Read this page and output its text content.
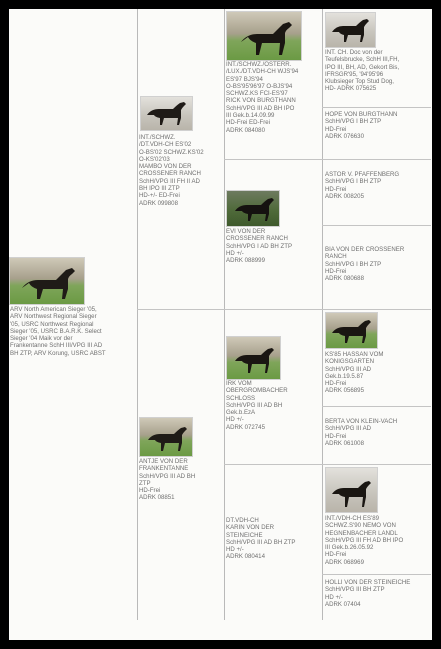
ARV North American Sieger '05,
ARV Northwest Regional Sieger
'05, USRC Northwest Regional
Sieger '05, USRC B.A.R.K. Select
Sieger '04 Maik vor der
Frankentanne SchH III/VPG III AD
BH ZTP, ARV Korung, USRC ABST
INT./SCHWZ.
/DT.VDH-CH ES'02
O-BS'02 SCHWZ.KS'02
O-KS'02'03
MAMBO VON DER
CROSSENER RANCH
SchH/VPG III FH II AD
BH IPO III ZTP
HD-+/- ED-Frei
ADRK 099808
ANTJE VON DER
FRANKENTANNE
SchH/VPG III AD BH
ZTP
HD-Frei
ADRK 08851
INT./SCHWZ./OSTERR.
/LUX./DT.VDH-CH WJS'94
ES'97 BJS'94
O-BS'95'96'97 O-BJS'94
SCHWZ.KS FCI-ES'97
RICK VON BURGTHANN
SchH/VPG III AD BH IPO
III Gek.b.14.09.99
HD-Frei ED-Frei
ADRK 084080
EVI VON DER
CROSSENER RANCH
SchH/VPG I AD BH ZTP
HD +/-
ADRK 088999
IRK VOM
OBERGROMBACHER
SCHLOSS
SchH/VPG III AD BH
Gek.b.EzA
HD +/-
ADRK 072745
DT.VDH-CH
KARIN VON DER
STEINEICHE
SchH/VPG III AD BH ZTP
HD +/-
ADRK 080414
INT. CH. Doc von der
Teufelsbrucke, SchH III,FH,
IPO III, BH, AD, Gekort Bis,
IFRSGR'95, '94'95'96
Klubsieger Top Stud Dog,
HD- ADRK 075625
HOPE VON BURGTHANN
SchH/VPG I BH ZTP
HD-Frei
ADRK 076630
ASTOR V. PFAFFENBERG
SchH/VPG I BH ZTP
HD-Frei
ADRK 008205
BIA VON DER CROSSENER
RANCH
SchH/VPG I BH ZTP
HD-Frei
ADRK 080688
KS'85 HASSAN VOM
KONIGSGARTEN
SchH/VPG III AD
Gek.b.19.5.87
HD-Frei
ADRK 056895
BERTA VON KLEIN-VACH
SchH/VPG III AD
HD-Frei
ADRK 061008
INT./VDH-CH ES'89
SCHWZ.S'90 NEMO VON
HEGNENBACHER LANDL
SchH/VPG III FH AD BH IPO
III Gek.b.26.05.92
HD-Frei
ADRK 068969
HOLLI VON DER STEINEICHE
SchH/VPG III BH ZTP
HD +/-
ADRK 07404
